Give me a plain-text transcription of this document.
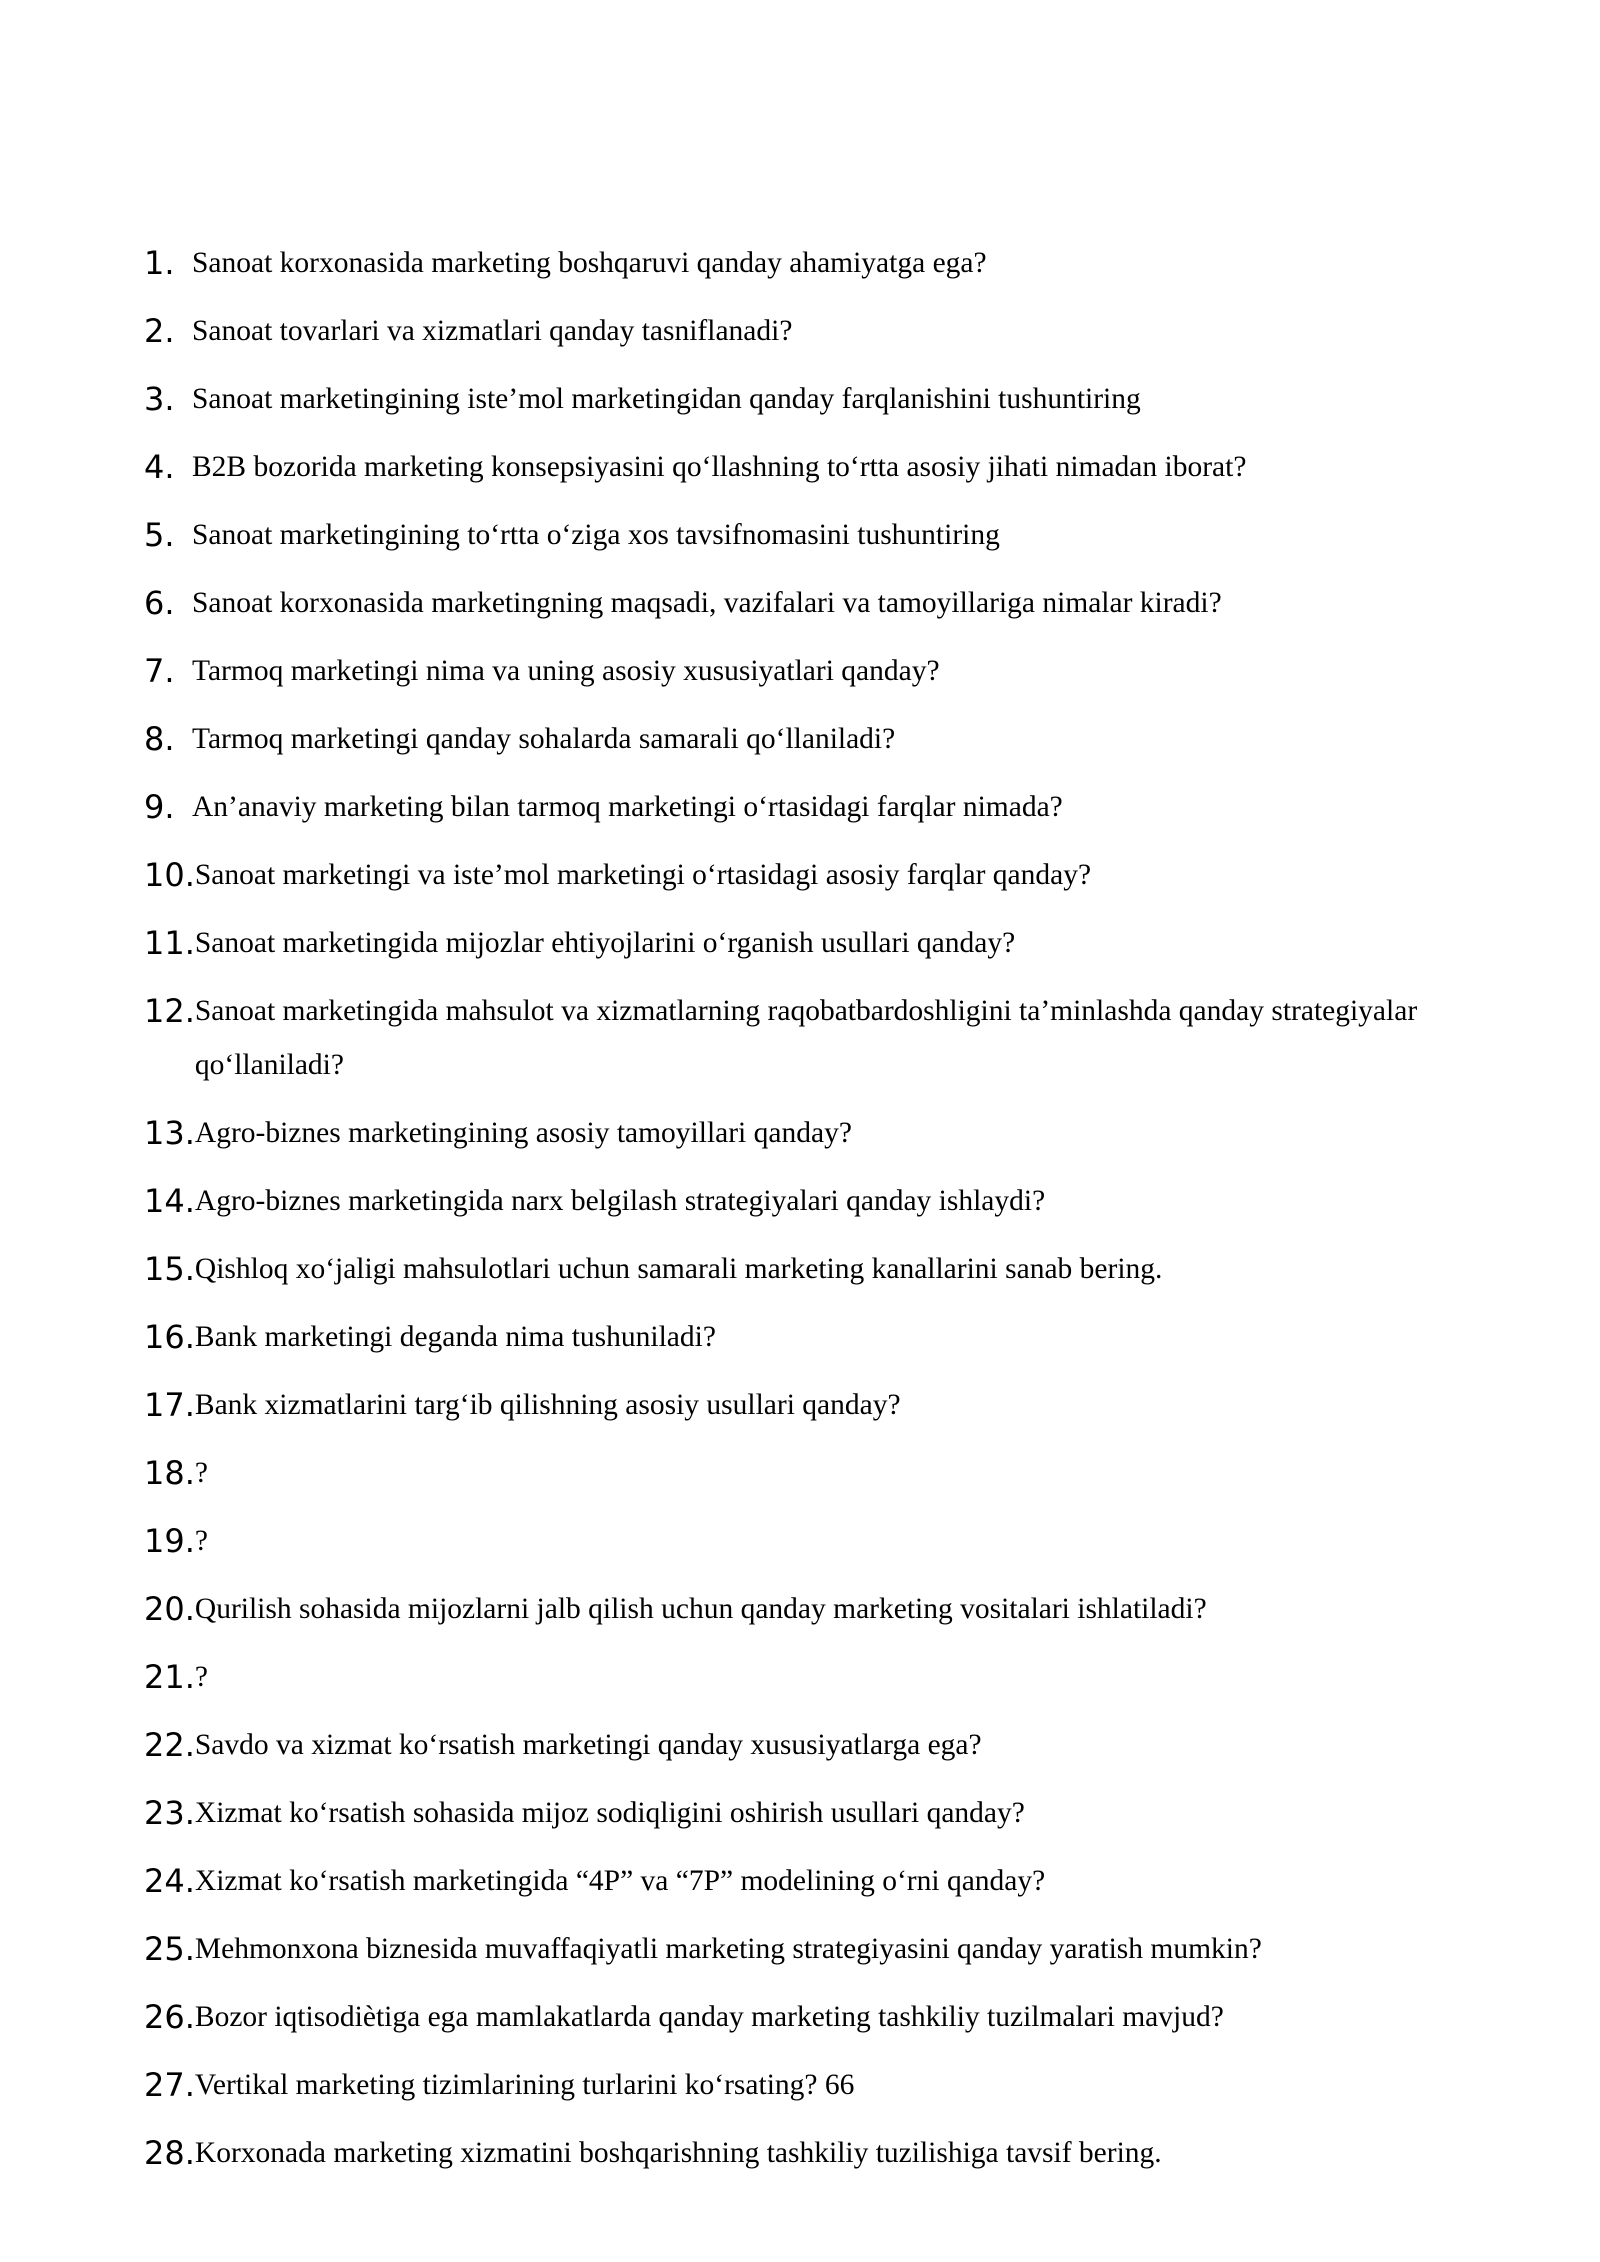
1. Sanoat korxonasida marketing boshqaruvi qanday ahamiyatga ega?
2. Sanoat tovarlari va xizmatlari qanday tasniflanadi?
3. Sanoat marketingining iste’mol marketingidan qanday farqlanishini tushuntiring
4. B2B bozorida marketing konsepsiyasini qo‘llashning to‘rtta asosiy jihati nimadan iborat?
5. Sanoat marketingining to‘rtta o‘ziga xos tavsifnomasini tushuntiring
6. Sanoat korxonasida marketingning maqsadi, vazifalari va tamoyillariga nimalar kiradi?
7. Tarmoq marketingi nima va uning asosiy xususiyatlari qanday?
8. Tarmoq marketingi qanday sohalarda samarali qo‘llaniladi?
9. An’anaviy marketing bilan tarmoq marketingi o‘rtasidagi farqlar nimada?
10. Sanoat marketingi va iste’mol marketingi o‘rtasidagi asosiy farqlar qanday?
11. Sanoat marketingida mijozlar ehtiyojlarini o‘rganish usullari qanday?
12. Sanoat marketingida mahsulot va xizmatlarning raqobatbardoshligini ta’minlashda qanday strategiyalar qo‘llaniladi?
13. Agro-biznes marketingining asosiy tamoyillari qanday?
14. Agro-biznes marketingida narx belgilash strategiyalari qanday ishlaydi?
15. Qishloq xo‘jaligi mahsulotlari uchun samarali marketing kanallarini sanab bering.
16. Bank marketingi deganda nima tushuniladi?
17. Bank xizmatlarini targ‘ib qilishning asosiy usullari qanday?
18. ?
19. ?
20. Qurilish sohasida mijozlarni jalb qilish uchun qanday marketing vositalari ishlatiladi?
21. ?
22. Savdo va xizmat ko‘rsatish marketingi qanday xususiyatlarga ega?
23. Xizmat ko‘rsatish sohasida mijoz sodiqligini oshirish usullari qanday?
24. Xizmat ko‘rsatish marketingida “4P” va “7P” modelining o‘rni qanday?
25. Mehmonxona biznesida muvaffaqiyatli marketing strategiyasini qanday yaratish mumkin?
26. Bozor iqtisodiètiga ega mamlakatlarda qanday marketing tashkiliy tuzilmalari mavjud?
27. Vertikal marketing tizimlarining turlarini ko‘rsating? 66
28. Korxonada marketing xizmatini boshqarishning tashkiliy tuzilishiga tavsif bering.
